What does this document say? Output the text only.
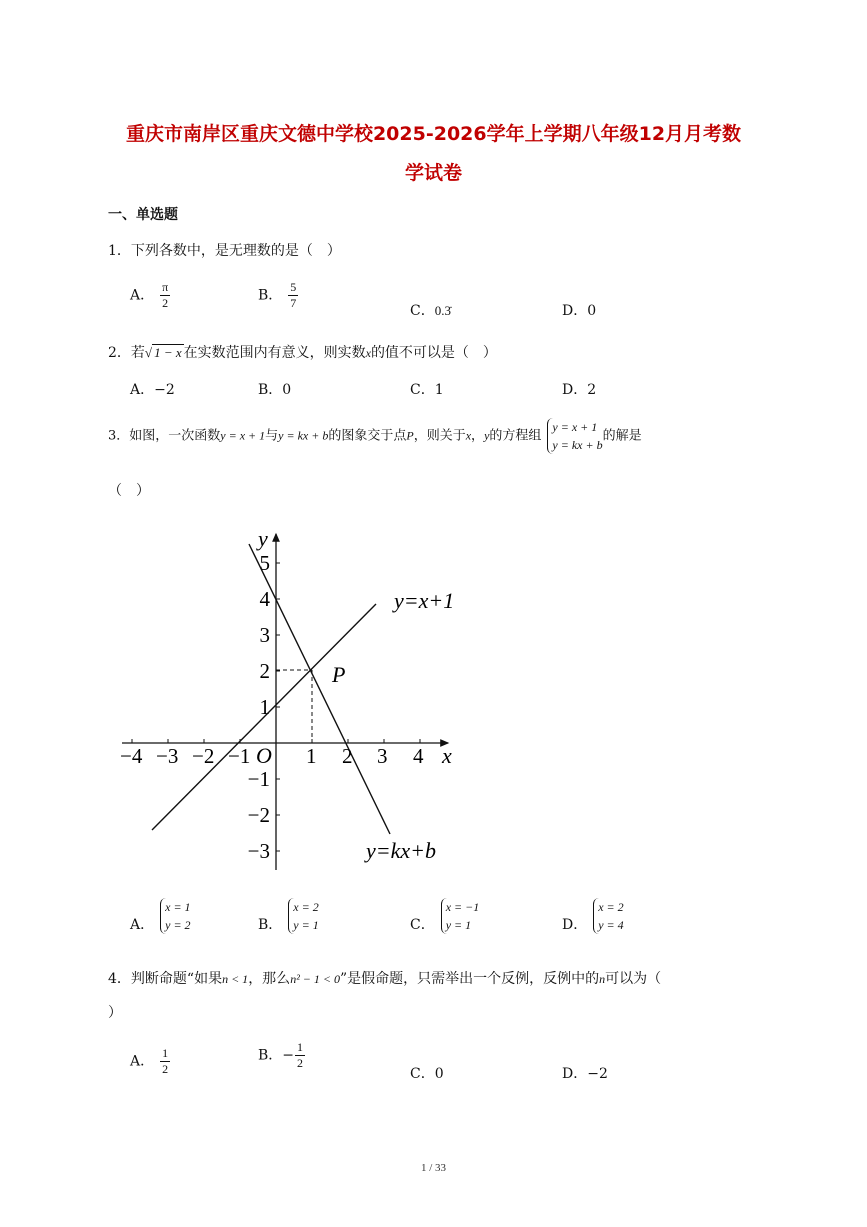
重庆市南岸区重庆文德中学校2025-2026学年上学期八年级12月月考数
学试卷
一、单选题
1．下列各数中，是无理数的是（　）
A． $\frac{\pi}{2}$	B． $\frac{5}{7}$	C．0.3̇	D．0
2．若√ 1 − x 在实数范围内有意义，则实数x的值不可以是（　）
A．−2	B．0	C．1	D．2
3．如图，一次函数y = x + 1与y = kx + b的图象交于点P，则关于x，y的方程组
y = x + 1
y = kx + b
的解是
（　）
y
x
O
P
y=x+1
y=kx+b
−4 −3 −2 −1	1 2 3 4
5
4
3
2
1
−1
−2
−3
A．
x = 1
y = 2	B．
x = 2
y = 1	C．
x = −1
y = 1	D．
x = 2
y = 4
4．判断命题“如果n < 1，那么n² − 1 < 0”是假命题，只需举出一个反例，反例中的n可以为（
）
A． $\frac{1}{2}$	B．− $\frac{1}{2}$
C．0	D．−2
1 / 33
